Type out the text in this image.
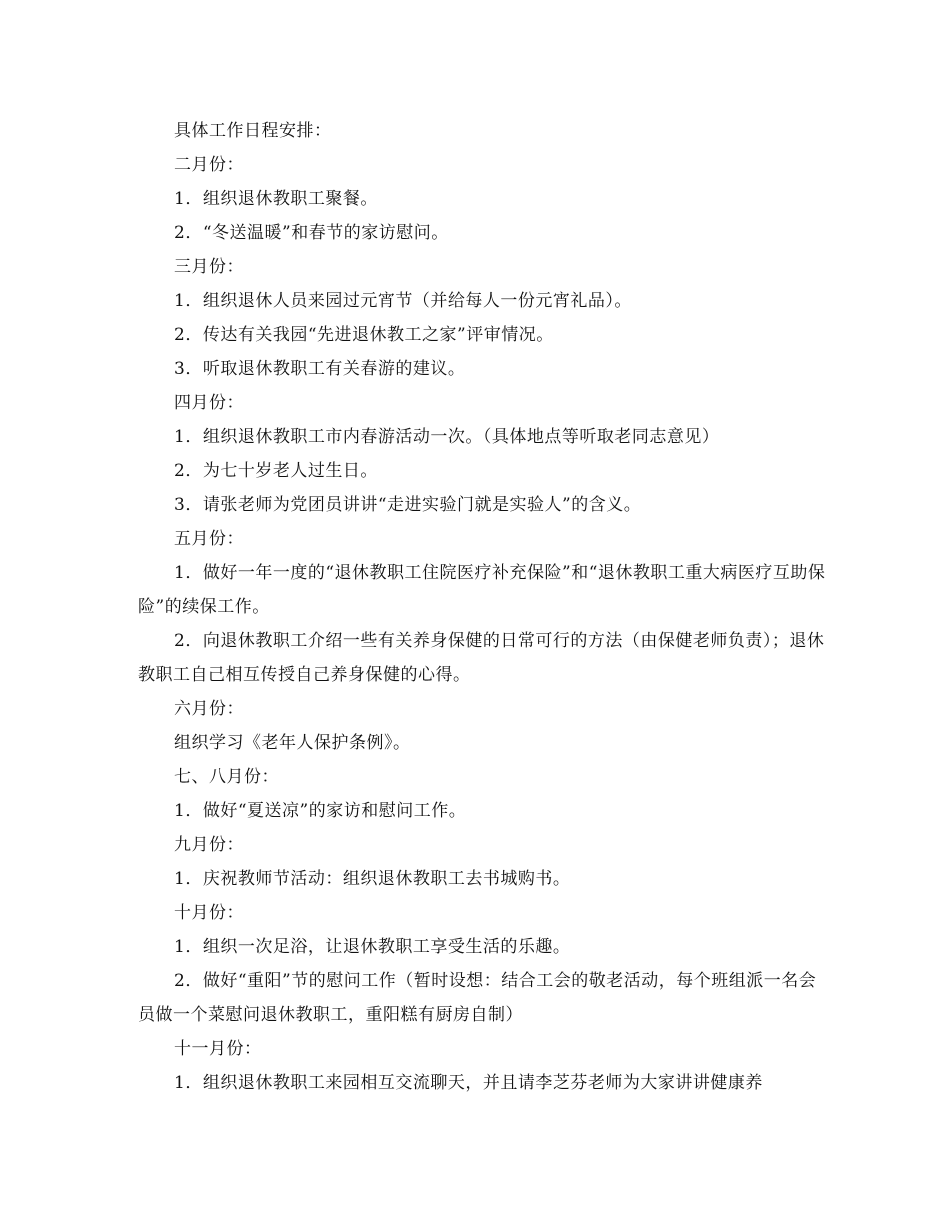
具体工作日程安排：

二月份：

1．组织退休教职工聚餐。

2．“冬送温暖”和春节的家访慰问。

三月份：

1．组织退休人员来园过元宵节（并给每人一份元宵礼品）。

2．传达有关我园“先进退休教工之家”评审情况。

3．听取退休教职工有关春游的建议。

四月份：

1．组织退休教职工市内春游活动一次。（具体地点等听取老同志意见）

2．为七十岁老人过生日。

3．请张老师为党团员讲讲“走进实验门就是实验人”的含义。

五月份：

1．做好一年一度的“退休教职工住院医疗补充保险”和“退休教职工重大病医疗互助保险”的续保工作。

2．向退休教职工介绍一些有关养身保健的日常可行的方法（由保健老师负责）；退休教职工自己相互传授自己养身保健的心得。

六月份：

组织学习《老年人保护条例》。

七、八月份：

1．做好“夏送凉”的家访和慰问工作。

九月份：

1．庆祝教师节活动：组织退休教职工去书城购书。

十月份：

1．组织一次足浴，让退休教职工享受生活的乐趣。

2．做好“重阳”节的慰问工作（暂时设想：结合工会的敬老活动，每个班组派一名会员做一个菜慰问退休教职工，重阳糕有厨房自制）

十一月份：

1．组织退休教职工来园相互交流聊天，并且请李芝芬老师为大家讲讲健康养
